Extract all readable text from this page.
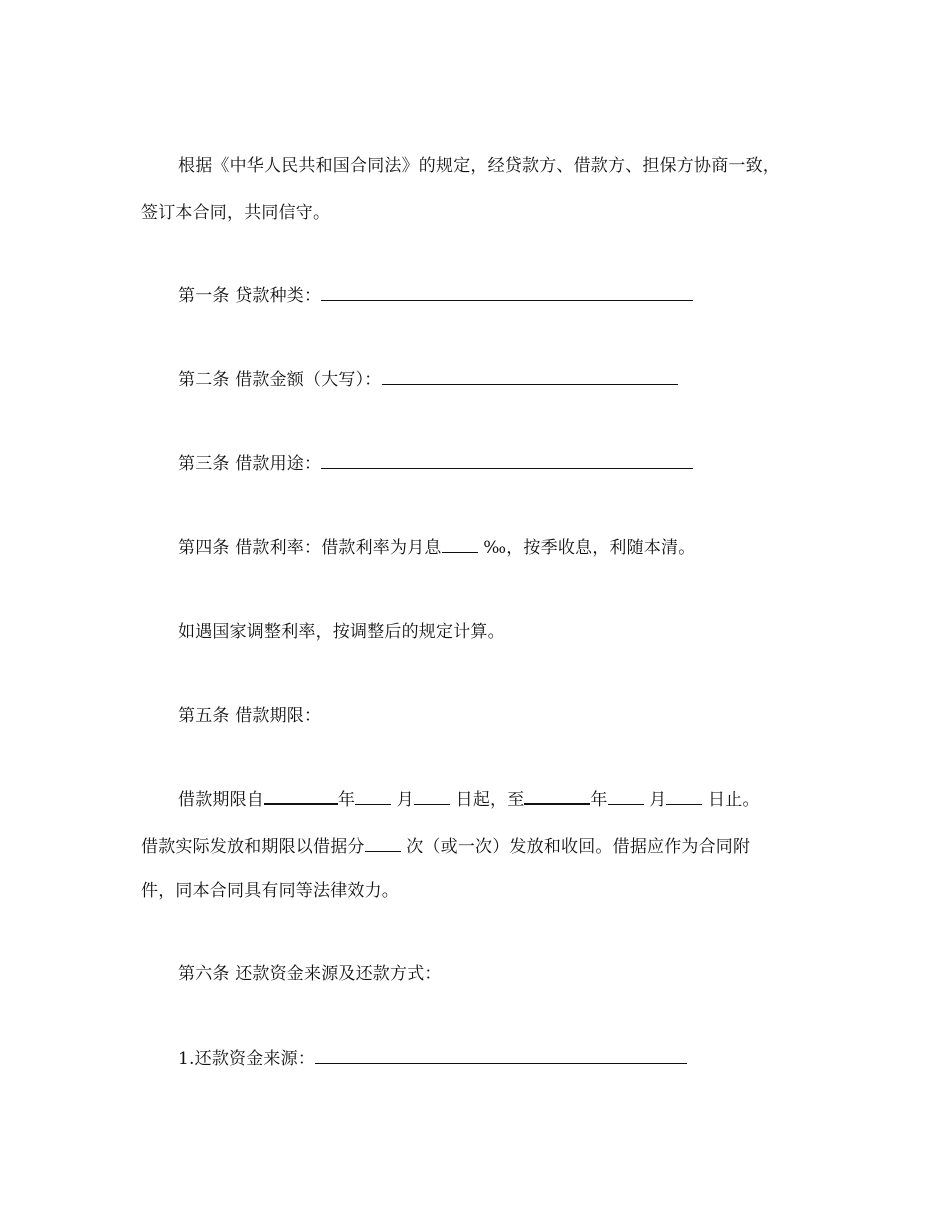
根据《中华人民共和国合同法》的规定，经贷款方、借款方、担保方协商一致，
签订本合同，共同信守。
第一条 贷款种类：
第二条 借款金额（大写）：
第三条 借款用途：
第四条 借款利率：借款利率为月息 ‰，按季收息，利随本清。
如遇国家调整利率，按调整后的规定计算。
第五条 借款期限：
借款期限自	年 月 日起，至	年 月 日止。
借款实际发放和期限以借据分 次（或一次）发放和收回。借据应作为合同附
件，同本合同具有同等法律效力。
第六条 还款资金来源及还款方式：
1.还款资金来源：
